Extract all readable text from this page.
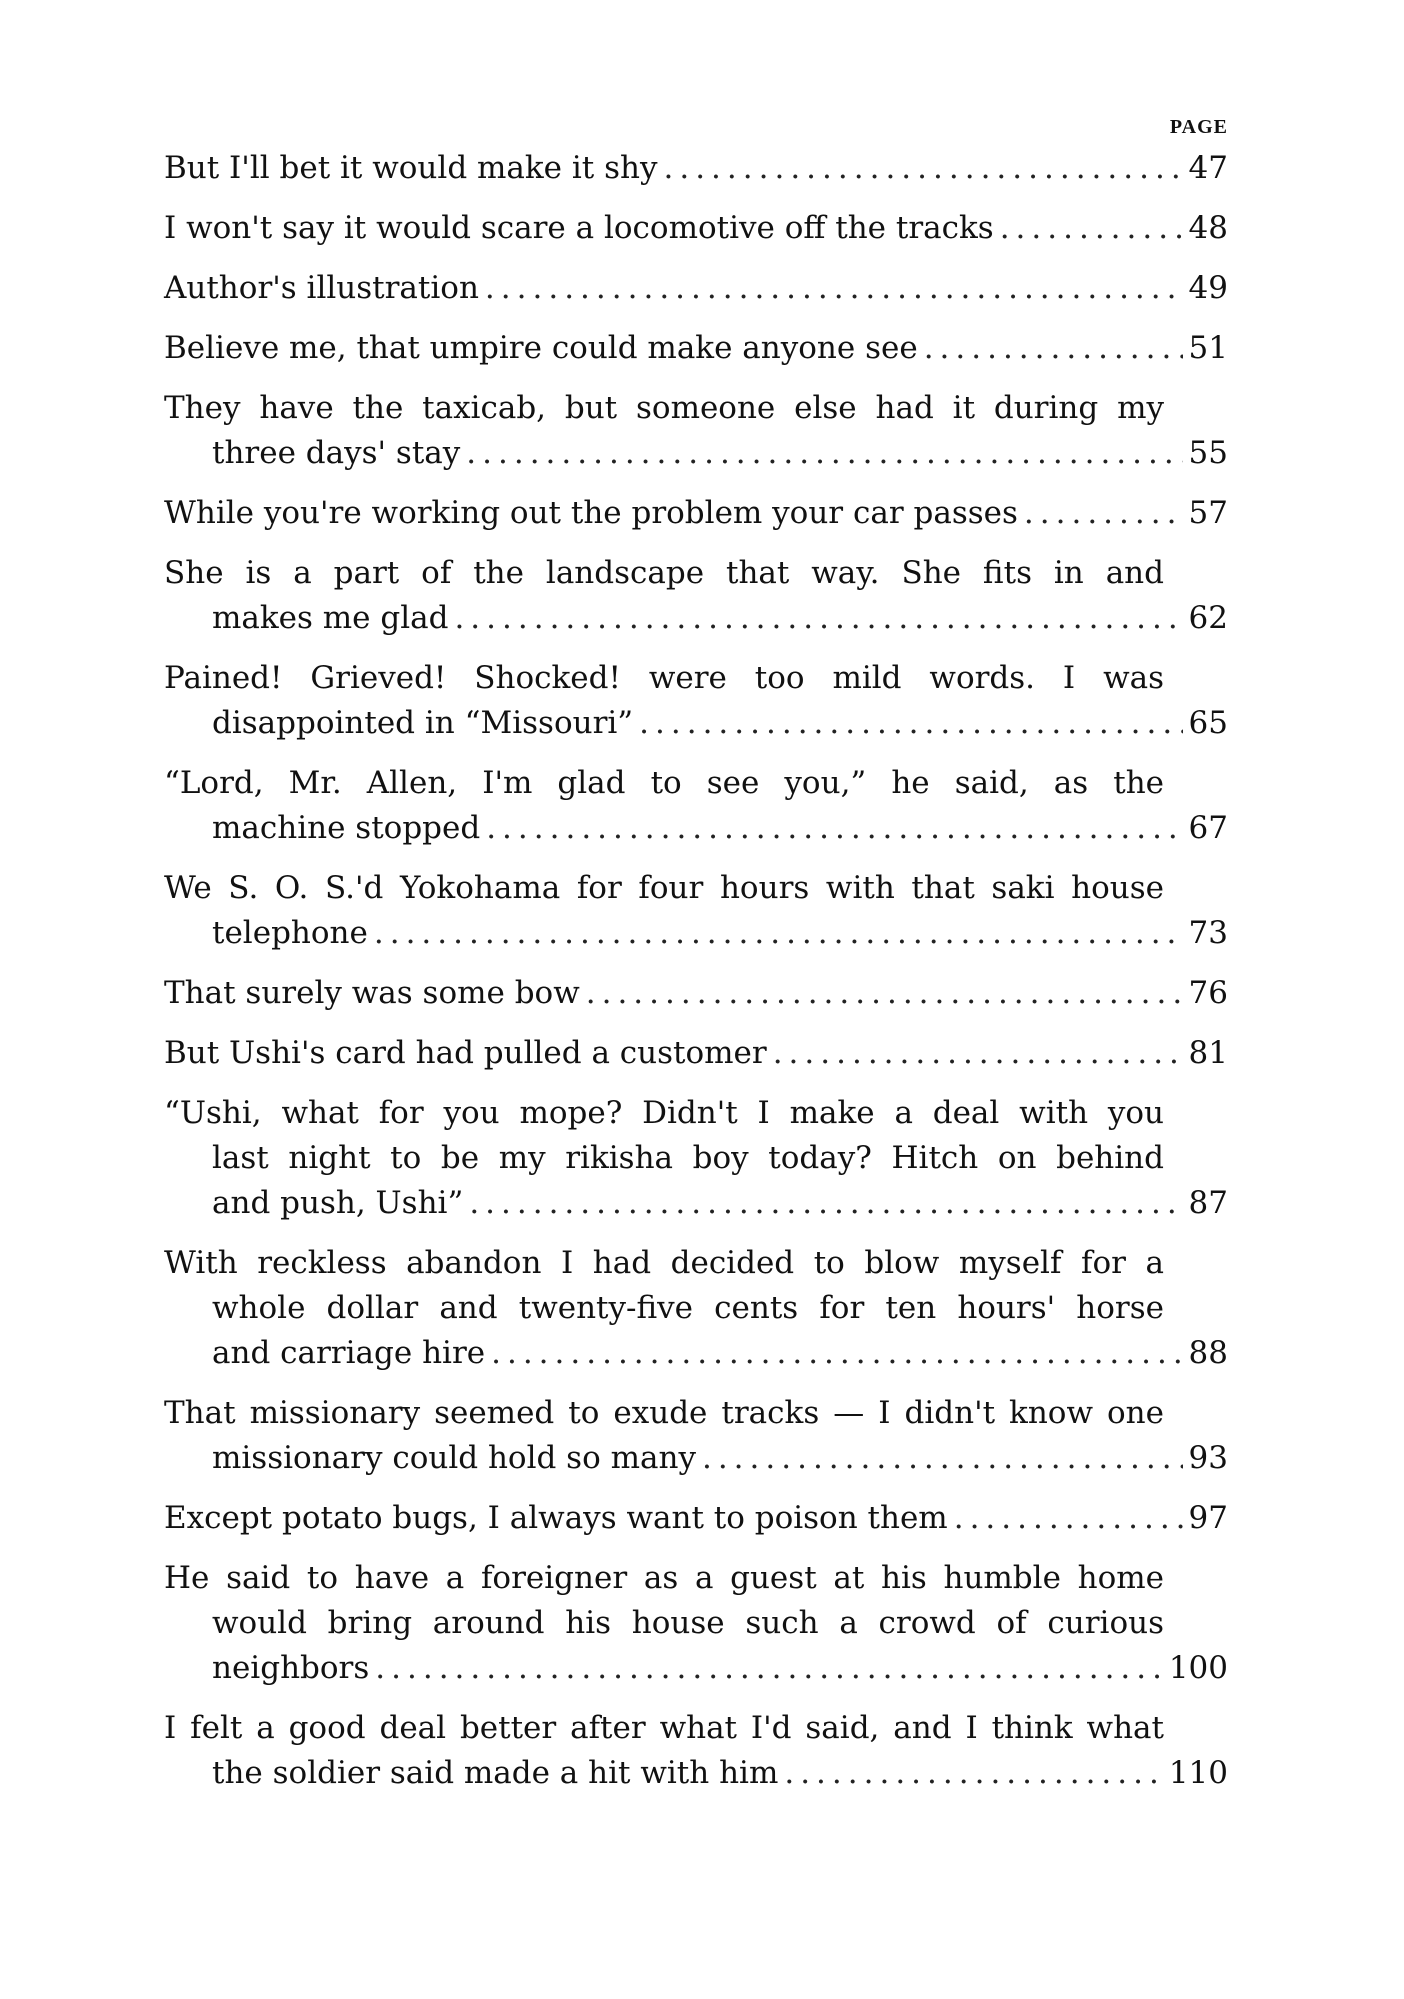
PAGE
But I'll bet it would make it shy .....	47
I won't say it would scare a locomotive off the tracks .....	48
Author's illustration .....	49
Believe me, that umpire could make anyone see .....	51
They have the taxicab, but someone else had it during my
three days' stay .....	55
While you're working out the problem your car passes .....	57
She is a part of the landscape that way. She fits in and
makes me glad .....	62
Pained! Grieved! Shocked! were too mild words. I was
disappointed in “Missouri” .....	65
“Lord, Mr. Allen, I'm glad to see you,” he said, as the
machine stopped .....	67
We S. O. S.'d Yokohama for four hours with that saki house
telephone .....	73
That surely was some bow .....	76
But Ushi's card had pulled a customer .....	81
“Ushi, what for you mope? Didn't I make a deal with you
last night to be my rikisha boy today? Hitch on behind
and push, Ushi” .....	87
With reckless abandon I had decided to blow myself for a
whole dollar and twenty-five cents for ten hours' horse
and carriage hire .....	88
That missionary seemed to exude tracks — I didn't know one
missionary could hold so many .....	93
Except potato bugs, I always want to poison them .....	97
He said to have a foreigner as a guest at his humble home
would bring around his house such a crowd of curious
neighbors .....	100
I felt a good deal better after what I'd said, and I think what
the soldier said made a hit with him .....	110
